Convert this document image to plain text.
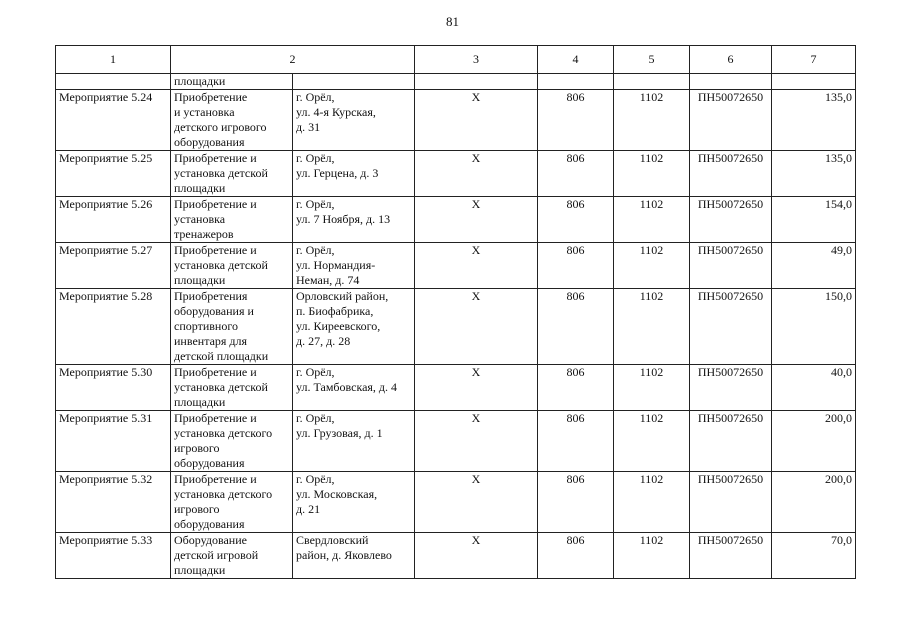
81
1	2		3	4	5	6	7

	площадки						

Мероприятие 5.24	Приобретение
и установка
детского игрового
оборудования	г. Орёл,
ул. 4-я Курская,
д. 31	Х	806	1102	ПН50072650	135,0
Мероприятие 5.25	Приобретение и
установка детской
площадки	г. Орёл,
ул. Герцена, д. 3	Х	806	1102	ПН50072650	135,0
Мероприятие 5.26	Приобретение и
установка
тренажеров	г. Орёл,
ул. 7 Ноября, д. 13	Х	806	1102	ПН50072650	154,0
Мероприятие 5.27	Приобретение и
установка детской
площадки	г. Орёл,
ул. Нормандия-
Неман, д. 74	Х	806	1102	ПН50072650	49,0
Мероприятие 5.28	Приобретения
оборудования и
спортивного
инвентаря для
детской площадки	Орловский район,
п. Биофабрика,
ул. Киреевского,
д. 27, д. 28	Х	806	1102	ПН50072650	150,0
Мероприятие 5.30	Приобретение и
установка детской
площадки	г. Орёл,
ул. Тамбовская, д. 4	Х	806	1102	ПН50072650	40,0
Мероприятие 5.31	Приобретение и
установка детского
игрового
оборудования	г. Орёл,
ул. Грузовая, д. 1	Х	806	1102	ПН50072650	200,0
Мероприятие 5.32	Приобретение и
установка детского
игрового
оборудования	г. Орёл,
ул. Московская,
д. 21	Х	806	1102	ПН50072650	200,0
Мероприятие 5.33	Оборудование
детской игровой
площадки	Свердловский
район, д. Яковлево	Х	806	1102	ПН50072650	70,0
